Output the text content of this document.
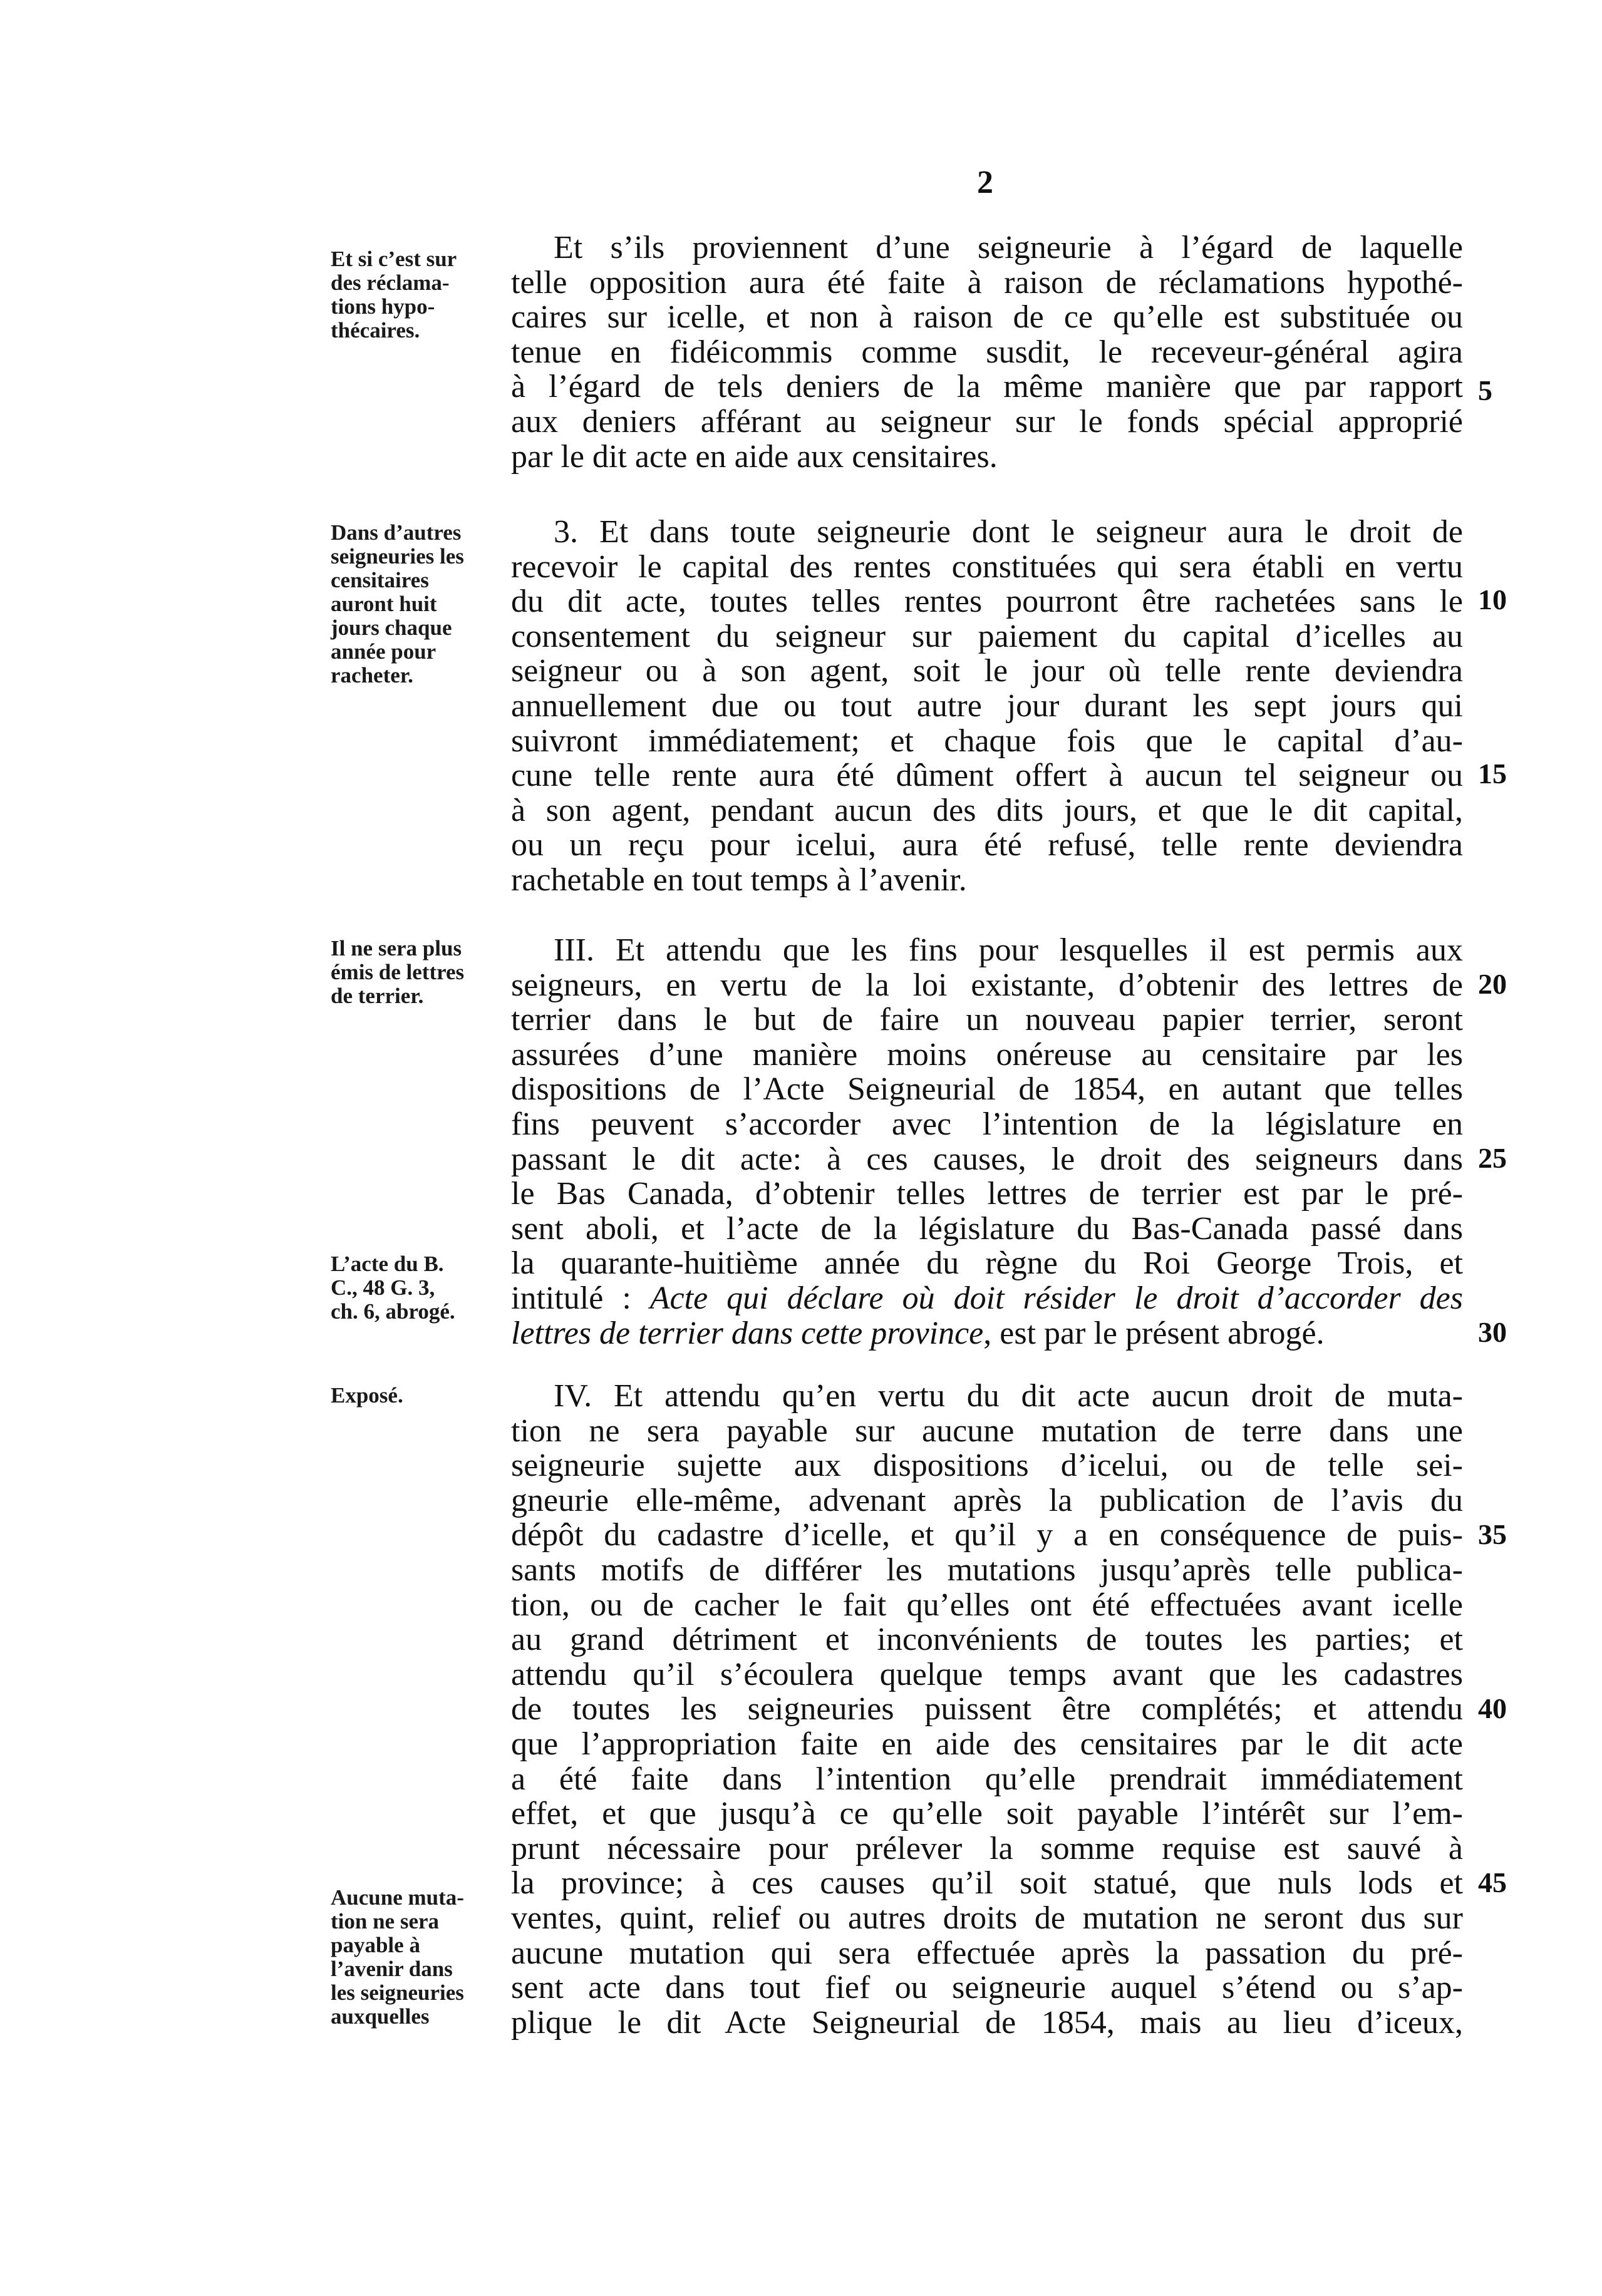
2
Et si c’est sur
des réclama-
tions hypo-
thécaires.
Et s’ils proviennent d’une seigneurie à l’égard de laquelle
telle opposition aura été faite à raison de réclamations hypothé-
caires sur icelle, et non à raison de ce qu’elle est substituée ou
tenue en fidéicommis comme susdit, le receveur-général agira
à l’égard de tels deniers de la même manière que par rapport
aux deniers afférant au seigneur sur le fonds spécial approprié
par le dit acte en aide aux censitaires.
Dans d’autres
seigneuries les
censitaires
auront huit
jours chaque
année pour
racheter.
3. Et dans toute seigneurie dont le seigneur aura le droit de
recevoir le capital des rentes constituées qui sera établi en vertu
du dit acte, toutes telles rentes pourront être rachetées sans le
consentement du seigneur sur paiement du capital d’icelles au
seigneur ou à son agent, soit le jour où telle rente deviendra
annuellement due ou tout autre jour durant les sept jours qui
suivront immédiatement; et chaque fois que le capital d’au-
cune telle rente aura été dûment offert à aucun tel seigneur ou
à son agent, pendant aucun des dits jours, et que le dit capital,
ou un reçu pour icelui, aura été refusé, telle rente deviendra
rachetable en tout temps à l’avenir.
Il ne sera plus
émis de lettres
de terrier.
L’acte du B.
C., 48 G. 3,
ch. 6, abrogé.
III. Et attendu que les fins pour lesquelles il est permis aux
seigneurs, en vertu de la loi existante, d’obtenir des lettres de
terrier dans le but de faire un nouveau papier terrier, seront
assurées d’une manière moins onéreuse au censitaire par les
dispositions de l’Acte Seigneurial de 1854, en autant que telles
fins peuvent s’accorder avec l’intention de la législature en
passant le dit acte: à ces causes, le droit des seigneurs dans
le Bas Canada, d’obtenir telles lettres de terrier est par le pré-
sent aboli, et l’acte de la législature du Bas-Canada passé dans
la quarante-huitième année du règne du Roi George Trois, et
intitulé : Acte qui déclare où doit résider le droit d’accorder des
lettres de terrier dans cette province, est par le présent abrogé.
Exposé.
Aucune muta-
tion ne sera
payable à
l’avenir dans
les seigneuries
auxquelles
IV. Et attendu qu’en vertu du dit acte aucun droit de muta-
tion ne sera payable sur aucune mutation de terre dans une
seigneurie sujette aux dispositions d’icelui, ou de telle sei-
gneurie elle-même, advenant après la publication de l’avis du
dépôt du cadastre d’icelle, et qu’il y a en conséquence de puis-
sants motifs de différer les mutations jusqu’après telle publica-
tion, ou de cacher le fait qu’elles ont été effectuées avant icelle
au grand détriment et inconvénients de toutes les parties; et
attendu qu’il s’écoulera quelque temps avant que les cadastres
de toutes les seigneuries puissent être complétés; et attendu
que l’appropriation faite en aide des censitaires par le dit acte
a été faite dans l’intention qu’elle prendrait immédiatement
effet, et que jusqu’à ce qu’elle soit payable l’intérêt sur l’em-
prunt nécessaire pour prélever la somme requise est sauvé à
la province; à ces causes qu’il soit statué, que nuls lods et
ventes, quint, relief ou autres droits de mutation ne seront dus sur
aucune mutation qui sera effectuée après la passation du pré-
sent acte dans tout fief ou seigneurie auquel s’étend ou s’ap-
plique le dit Acte Seigneurial de 1854, mais au lieu d’iceux,
5
10
15
20
25
30
35
40
45
